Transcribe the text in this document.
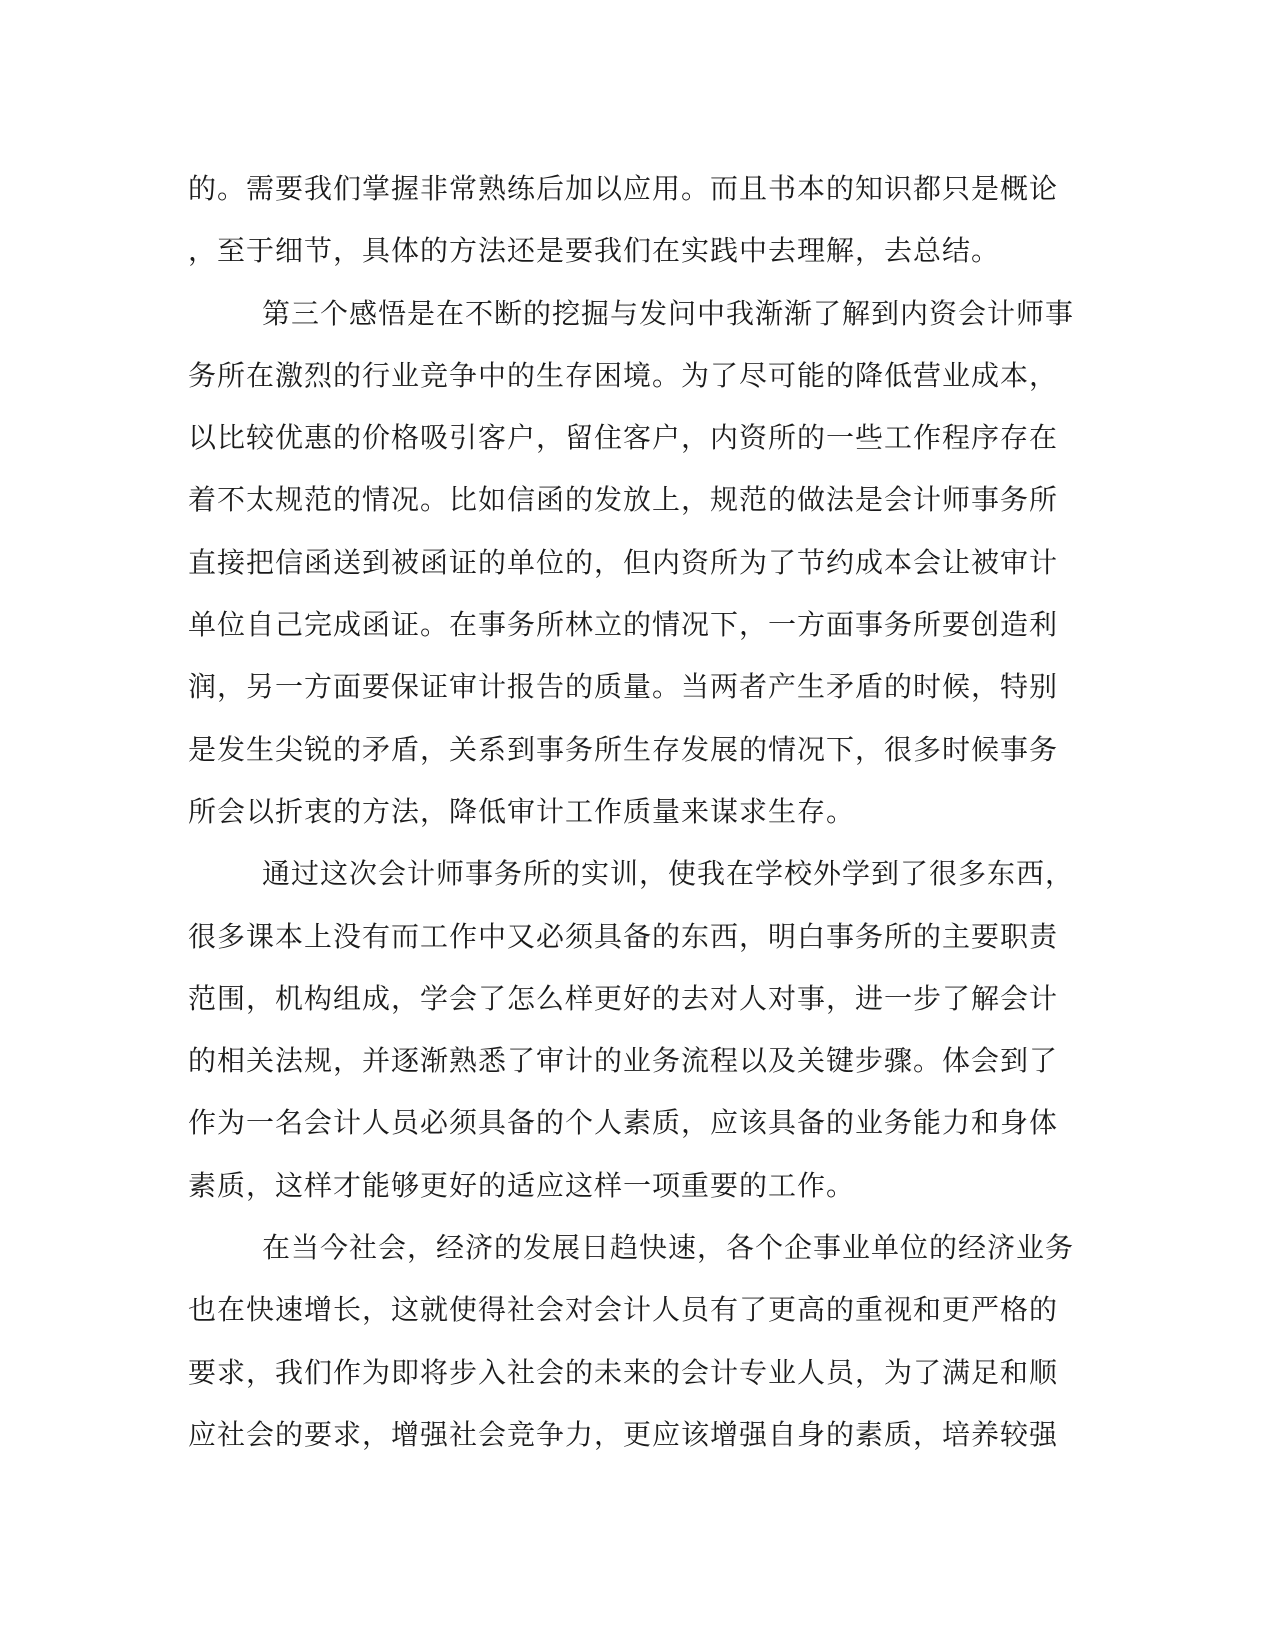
的。需要我们掌握非常熟练后加以应用。而且书本的知识都只是概论
，至于细节，具体的方法还是要我们在实践中去理解，去总结。
第三个感悟是在不断的挖掘与发问中我渐渐了解到内资会计师事
务所在激烈的行业竞争中的生存困境。为了尽可能的降低营业成本，
以比较优惠的价格吸引客户，留住客户，内资所的一些工作程序存在
着不太规范的情况。比如信函的发放上，规范的做法是会计师事务所
直接把信函送到被函证的单位的，但内资所为了节约成本会让被审计
单位自己完成函证。在事务所林立的情况下，一方面事务所要创造利
润，另一方面要保证审计报告的质量。当两者产生矛盾的时候，特别
是发生尖锐的矛盾，关系到事务所生存发展的情况下，很多时候事务
所会以折衷的方法，降低审计工作质量来谋求生存。
通过这次会计师事务所的实训，使我在学校外学到了很多东西，
很多课本上没有而工作中又必须具备的东西，明白事务所的主要职责
范围，机构组成，学会了怎么样更好的去对人对事，进一步了解会计
的相关法规，并逐渐熟悉了审计的业务流程以及关键步骤。体会到了
作为一名会计人员必须具备的个人素质，应该具备的业务能力和身体
素质，这样才能够更好的适应这样一项重要的工作。
在当今社会，经济的发展日趋快速，各个企事业单位的经济业务
也在快速增长，这就使得社会对会计人员有了更高的重视和更严格的
要求，我们作为即将步入社会的未来的会计专业人员，为了满足和顺
应社会的要求，增强社会竞争力，更应该增强自身的素质，培养较强
